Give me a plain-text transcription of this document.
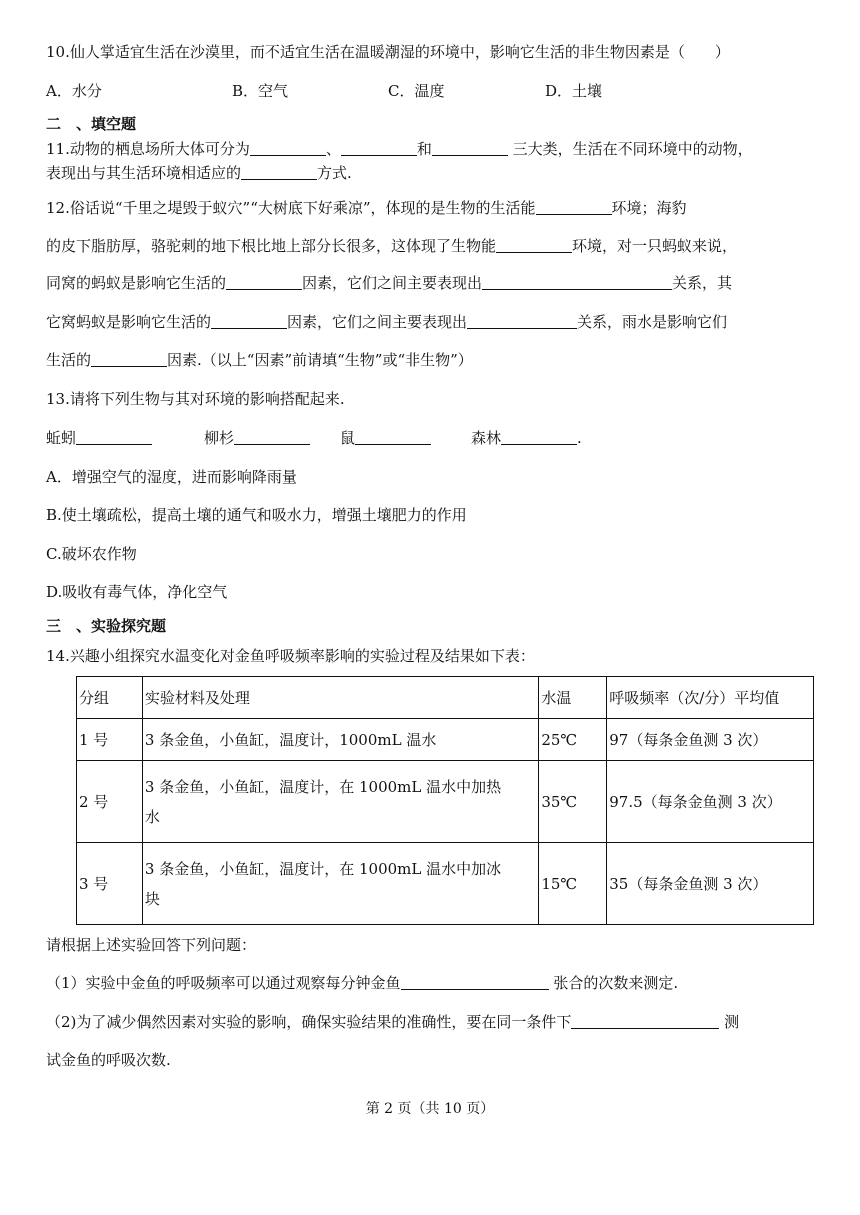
10.仙人掌适宜生活在沙漠里，而不适宜生活在温暖潮湿的环境中，影响它生活的非生物因素是（　　）
A．水分	B．空气	C．温度	D．土壤
二　、填空题
11.动物的栖息场所大体可分为	、	和	三大类，生活在不同环境中的动物，
表现出与其生活环境相适应的	方式.
12.俗话说“千里之堤毁于蚁穴”“大树底下好乘凉”，体现的是生物的生活能	环境；海豹
的皮下脂肪厚，骆驼刺的地下根比地上部分长很多，这体现了生物能	环境，对一只蚂蚁来说，
同窝的蚂蚁是影响它生活的	因素，它们之间主要表现出	关系，其
它窝蚂蚁是影响它生活的	因素，它们之间主要表现出	关系，雨水是影响它们
生活的	因素.（以上“因素”前请填“生物”或“非生物”）
13.请将下列生物与其对环境的影响搭配起来.
蚯蚓	柳杉	鼠	森林	.
A．增强空气的湿度，进而影响降雨量
B.使土壤疏松，提高土壤的通气和吸水力，增强土壤肥力的作用
C.破坏农作物
D.吸收有毒气体，净化空气
三　、实验探究题
14.兴趣小组探究水温变化对金鱼呼吸频率影响的实验过程及结果如下表：
分组	实验材料及处理	水温	呼吸频率（次/分）平均值
1 号	3 条金鱼，小鱼缸，温度计，1000mL 温水	25℃	97（每条金鱼测 3 次）
2 号	3 条金鱼，小鱼缸，温度计，在 1000mL 温水中加热
水	35℃	97.5（每条金鱼测 3 次）
3 号	3 条金鱼，小鱼缸，温度计，在 1000mL 温水中加冰
块	15℃	35（每条金鱼测 3 次）
请根据上述实验回答下列问题：
（1）实验中金鱼的呼吸频率可以通过观察每分钟金鱼	张合的次数来测定.
（2)为了减少偶然因素对实验的影响，确保实验结果的准确性，要在同一条件下	测
试金鱼的呼吸次数.
第 2 页（共 10 页）
